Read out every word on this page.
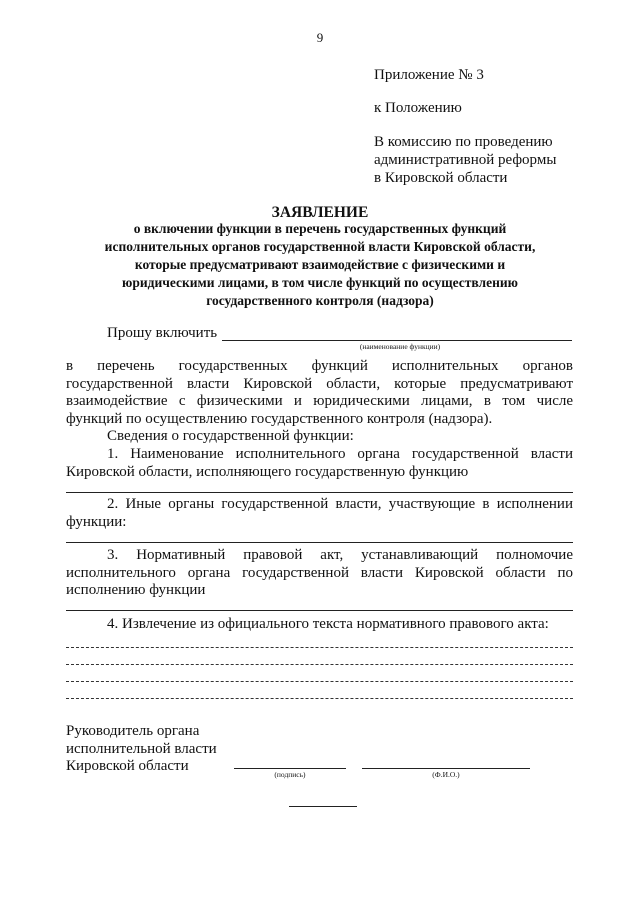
9
Приложение № 3
к Положению
В комиссию по проведению
административной реформы
в Кировской области
ЗАЯВЛЕНИЕ
о включении функции в перечень государственных функций
исполнительных органов государственной власти Кировской области,
которые предусматривают взаимодействие с физическими и
юридическими лицами, в том числе функций по осуществлению
государственного контроля (надзора)
Прошу включить
(наименование функции)
в перечень государственных функций исполнительных органов
государственной власти Кировской области, которые предусматривают
взаимодействие с физическими и юридическими лицами, в том числе
функций по осуществлению государственного контроля (надзора).
Сведения о государственной функции:
1. Наименование исполнительного органа государственной власти
Кировской области, исполняющего государственную функцию
2. Иные органы государственной власти, участвующие в исполнении
функции:
3. Нормативный правовой акт, устанавливающий полномочие
исполнительного органа государственной власти Кировской области по
исполнению функции
4. Извлечение из официального текста нормативного правового акта:
Руководитель органа
исполнительной власти
Кировской области
(подпись)	(Ф.И.О.)
